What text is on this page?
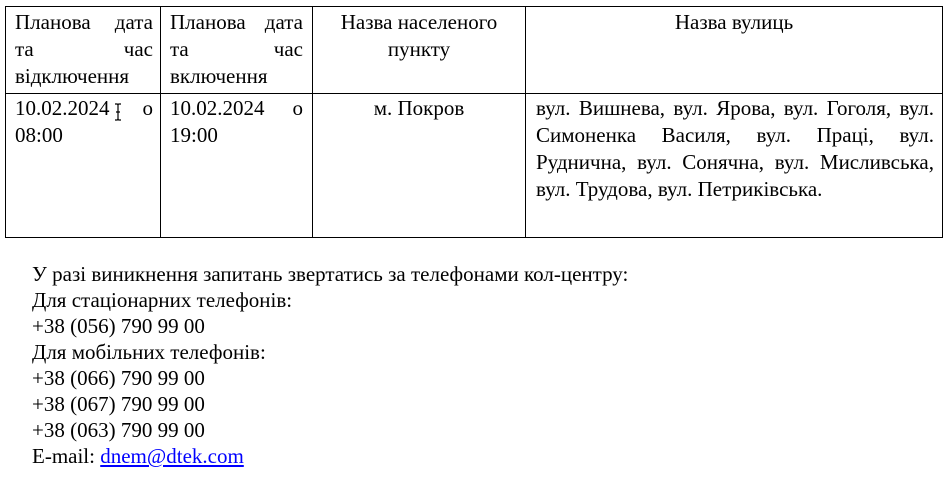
Планова дата та час відключення	Планова дата та час включення	Назва населеного пункту	Назва вулиць
10.02.2024 о 08:00	10.02.2024 о 19:00	м. Покров	вул. Вишнева, вул. Ярова, вул. Гоголя, вул. Симоненка Василя, вул. Праці, вул. Руднична, вул. Сонячна, вул. Мисливська, вул. Трудова, вул. Петриківська.
У разі виникнення запитань звертатись за телефонами кол-центру:
Для стаціонарних телефонів:
+38 (056) 790 99 00
Для мобільних телефонів:
+38 (066) 790 99 00
+38 (067) 790 99 00
+38 (063) 790 99 00
E-mail: dnem@dtek.com
